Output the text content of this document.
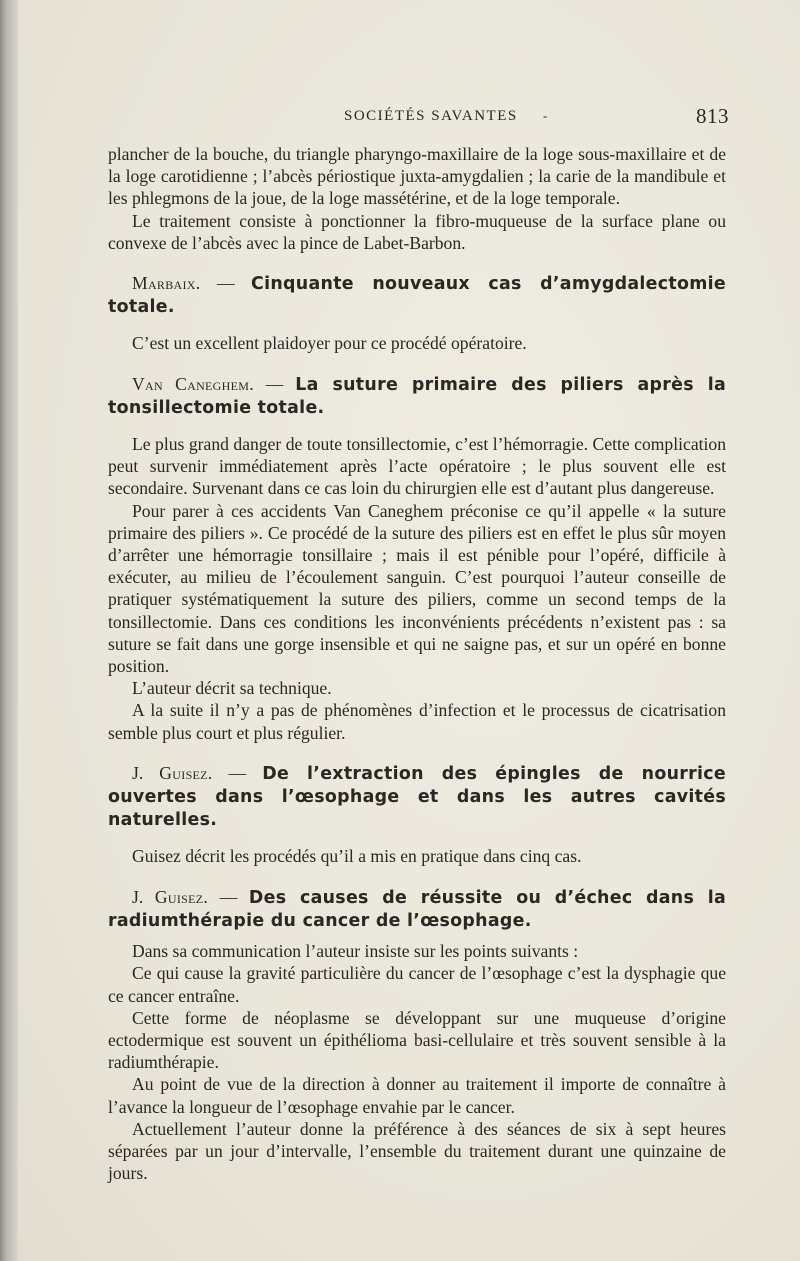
SOCIÉTÉS SAVANTES -	813

plancher de la bouche, du triangle pharyngo-maxillaire de la loge sous-maxillaire et de la loge carotidienne ; l’abcès périostique juxta-amygdalien ; la carie de la mandibule et les phlegmons de la joue, de la loge massétérine, et de la loge temporale.

Le traitement consiste à ponctionner la fibro-muqueuse de la surface plane ou convexe de l’abcès avec la pince de Labet-Barbon.

Marbaix. — Cinquante nouveaux cas d’amygdalectomie totale.

C’est un excellent plaidoyer pour ce procédé opératoire.

Van Caneghem. — La suture primaire des piliers après la tonsillectomie totale.

Le plus grand danger de toute tonsillectomie, c’est l’hémorragie. Cette complication peut survenir immédiatement après l’acte opératoire ; le plus souvent elle est secondaire. Survenant dans ce cas loin du chirurgien elle est d’autant plus dangereuse.

Pour parer à ces accidents Van Caneghem préconise ce qu’il appelle « la suture primaire des piliers ». Ce procédé de la suture des piliers est en effet le plus sûr moyen d’arrêter une hémorragie tonsillaire ; mais il est pénible pour l’opéré, difficile à exécuter, au milieu de l’écoulement sanguin. C’est pourquoi l’auteur conseille de pratiquer systématiquement la suture des piliers, comme un second temps de la tonsillectomie. Dans ces conditions les inconvénients précédents n’existent pas : sa suture se fait dans une gorge insensible et qui ne saigne pas, et sur un opéré en bonne position.

L’auteur décrit sa technique.

A la suite il n’y a pas de phénomènes d’infection et le processus de cicatrisation semble plus court et plus régulier.

J. Guisez. — De l’extraction des épingles de nourrice ouvertes dans l’œsophage et dans les autres cavités naturelles.

Guisez décrit les procédés qu’il a mis en pratique dans cinq cas.

J. Guisez. — Des causes de réussite ou d’échec dans la radiumthérapie du cancer de l’œsophage.

Dans sa communication l’auteur insiste sur les points suivants :

Ce qui cause la gravité particulière du cancer de l’œsophage c’est la dysphagie que ce cancer entraîne.

Cette forme de néoplasme se développant sur une muqueuse d’origine ectodermique est souvent un épithélioma basi-cellulaire et très souvent sensible à la radiumthérapie.

Au point de vue de la direction à donner au traitement il importe de connaître à l’avance la longueur de l’œsophage envahie par le cancer.

Actuellement l’auteur donne la préférence à des séances de six à sept heures séparées par un jour d’intervalle, l’ensemble du traitement durant une quinzaine de jours.
